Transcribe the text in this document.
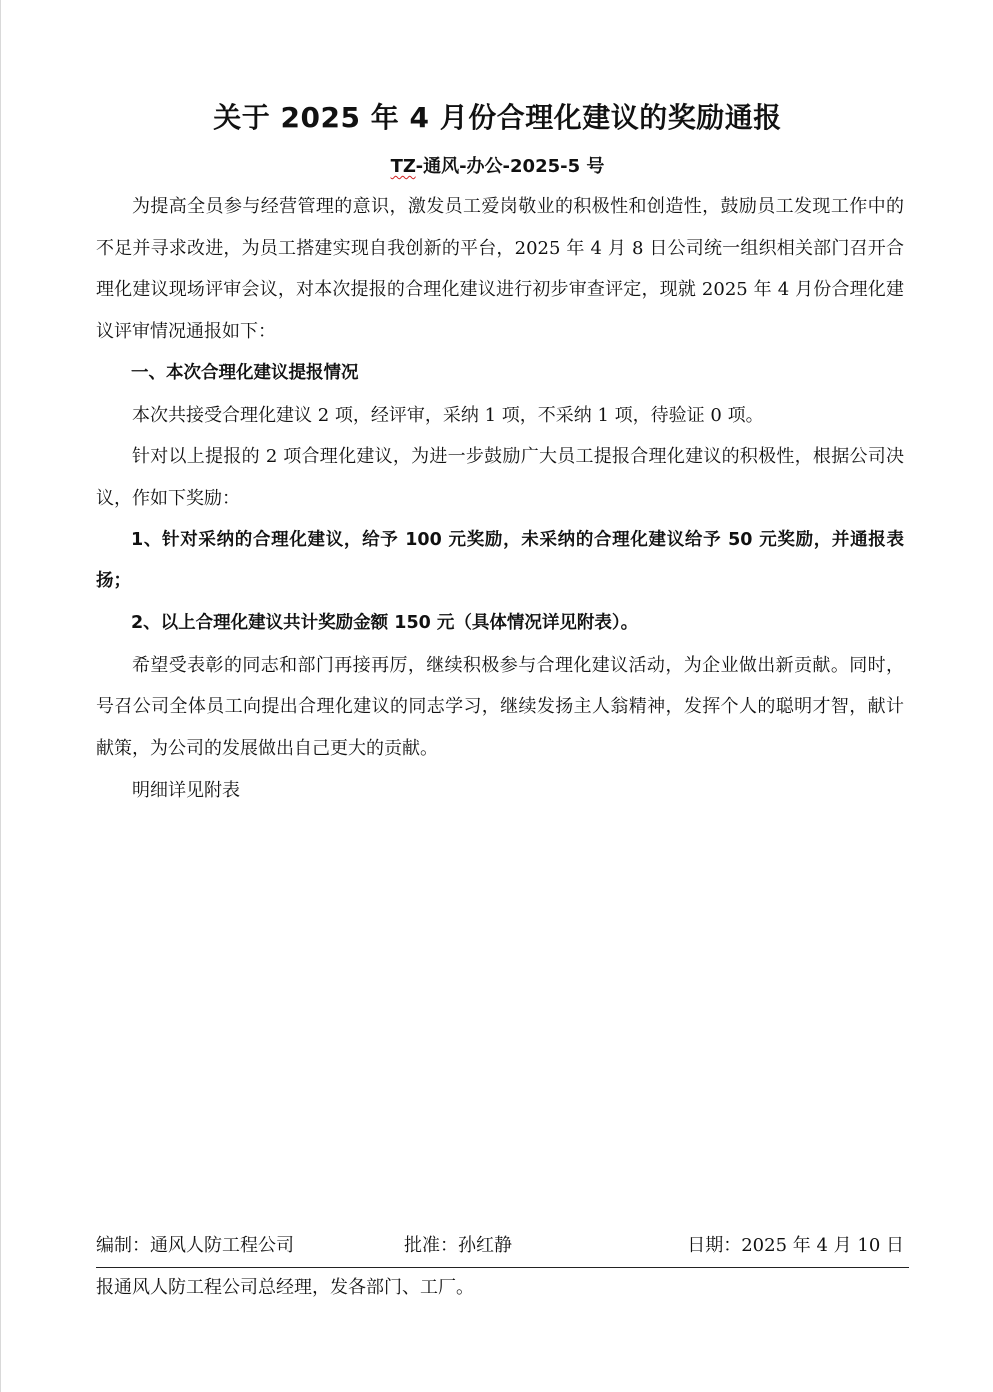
关于 2025 年 4 月份合理化建议的奖励通报
TZ-通风-办公-2025-5 号

为提高全员参与经营管理的意识，激发员工爱岗敬业的积极性和创造性，鼓励员工发现工作中的不足并寻求改进，为员工搭建实现自我创新的平台，2025 年 4 月 8 日公司统一组织相关部门召开合理化建议现场评审会议，对本次提报的合理化建议进行初步审查评定，现就 2025 年 4 月份合理化建议评审情况通报如下：

一、本次合理化建议提报情况

本次共接受合理化建议 2 项，经评审，采纳 1 项，不采纳 1 项，待验证 0 项。

针对以上提报的 2 项合理化建议，为进一步鼓励广大员工提报合理化建议的积极性，根据公司决议，作如下奖励：

1、针对采纳的合理化建议，给予 100 元奖励，未采纳的合理化建议给予 50 元奖励，并通报表扬；

2、以上合理化建议共计奖励金额 150 元（具体情况详见附表）。

希望受表彰的同志和部门再接再厉，继续积极参与合理化建议活动，为企业做出新贡献。同时，号召公司全体员工向提出合理化建议的同志学习，继续发扬主人翁精神，发挥个人的聪明才智，献计献策，为公司的发展做出自己更大的贡献。

明细详见附表

编制：通风人防工程公司	批准：孙红静	日期：2025 年 4 月 10 日
报通风人防工程公司总经理，发各部门、工厂。
